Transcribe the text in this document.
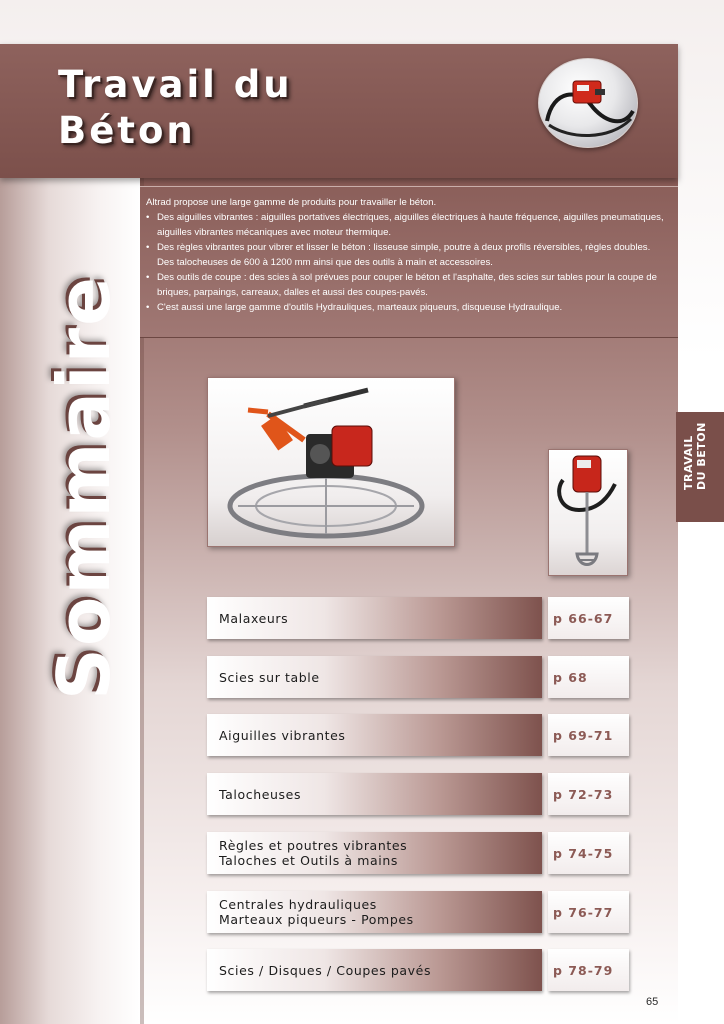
Travail du
Béton

Altrad propose une large gamme de produits pour travailler le béton.

• Des aiguilles vibrantes : aiguilles portatives électriques, aiguilles électriques à haute fréquence, aiguilles pneumatiques, aiguilles vibrantes mécaniques avec moteur thermique.

• Des règles vibrantes pour vibrer et lisser le béton : lisseuse simple, poutre à deux profils réversibles, règles doubles. Des talocheuses de 600 à 1200 mm ainsi que des outils à main et accessoires.

• Des outils de coupe : des scies à sol prévues pour couper le béton et l'asphalte, des scies sur tables pour la coupe de briques, parpaings, carreaux, dalles et aussi des coupes-pavés.

• C'est aussi une large gamme d'outils Hydrauliques, marteaux piqueurs, disqueuse Hydraulique.

Sommaire	TRAVAIL DU BETON
Malaxeurs	p 66-67
Scies sur table	p 68
Aiguilles vibrantes	p 69-71
Talocheuses	p 72-73
Règles et poutres vibrantes
Taloches et Outils à mains	p 74-75
Centrales hydrauliques
Marteaux piqueurs - Pompes	p 76-77
Scies / Disques / Coupes pavés	p 78-79
65
